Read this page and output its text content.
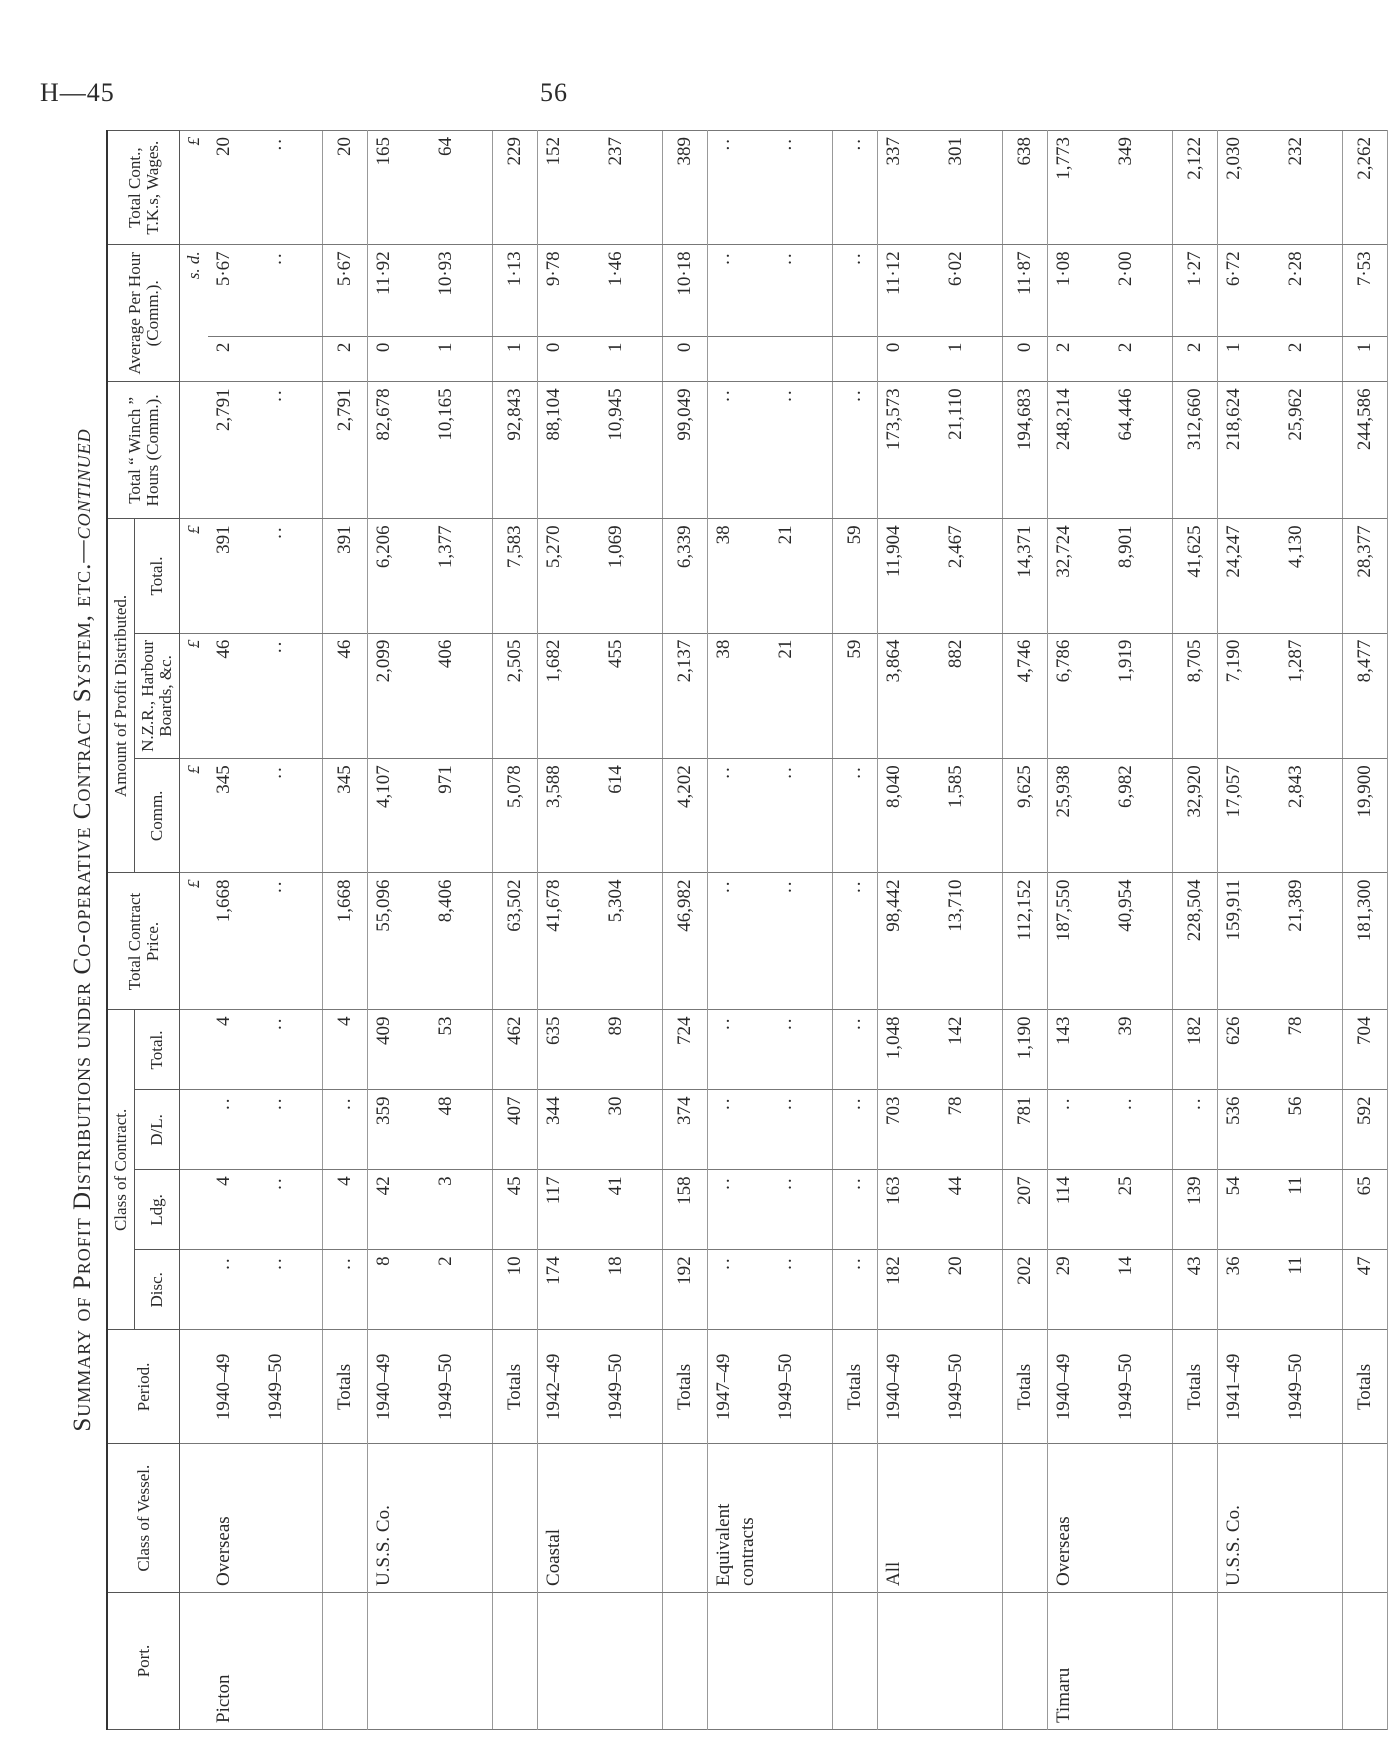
H—45	56
Summary of Profit Distributions under Co-operative Contract System, etc.—continued
Port.	Class of Vessel.	Period.	Class of Contract.				Total Contract Price.	Amount of Profit Distributed.			Total “ Winch ” Hours (Comm.).	Average Per Hour (Comm.).		Total Cont., T.K.s, Wages.
			Disc.	Ldg.	D/L.	Total.		Comm.	N.Z.R., Harbour Boards, &c.	Total.				
							£	£	£	£		s. d.		£
Picton	Overseas	1940–49	..	4	..	4	1,668	345	46	391	2,791	2	5·67	20
		1949–50	..	..	..	..	..	..	..	..	..		..	..
		Totals	..	4	..	4	1,668	345	46	391	2,791	2	5·67	20
	U.S.S. Co.	1940–49	8	42	359	409	55,096	4,107	2,099	6,206	82,678	0	11·92	165
		1949–50	2	3	48	53	8,406	971	406	1,377	10,165	1	10·93	64
		Totals	10	45	407	462	63,502	5,078	2,505	7,583	92,843	1	1·13	229
	Coastal	1942–49	174	117	344	635	41,678	3,588	1,682	5,270	88,104	0	9·78	152
		1949–50	18	41	30	89	5,304	614	455	1,069	10,945	1	1·46	237
		Totals	192	158	374	724	46,982	4,202	2,137	6,339	99,049	0	10·18	389
	Equivalent contracts	1947–49	..	..	..	..	..	..	38	38	..		..	..
		1949–50	..	..	..	..	..	..	21	21	..		..	..
		Totals	..	..	..	..	..	..	59	59	..		..	..
	All	1940–49	182	163	703	1,048	98,442	8,040	3,864	11,904	173,573	0	11·12	337
		1949–50	20	44	78	142	13,710	1,585	882	2,467	21,110	1	6·02	301
		Totals	202	207	781	1,190	112,152	9,625	4,746	14,371	194,683	0	11·87	638
Timaru	Overseas	1940–49	29	114	..	143	187,550	25,938	6,786	32,724	248,214	2	1·08	1,773
		1949–50	14	25	..	39	40,954	6,982	1,919	8,901	64,446	2	2·00	349
		Totals	43	139	..	182	228,504	32,920	8,705	41,625	312,660	2	1·27	2,122
	U.S.S. Co.	1941–49	36	54	536	626	159,911	17,057	7,190	24,247	218,624	1	6·72	2,030
		1949–50	11	11	56	78	21,389	2,843	1,287	4,130	25,962	2	2·28	232
		Totals	47	65	592	704	181,300	19,900	8,477	28,377	244,586	1	7·53	2,262
